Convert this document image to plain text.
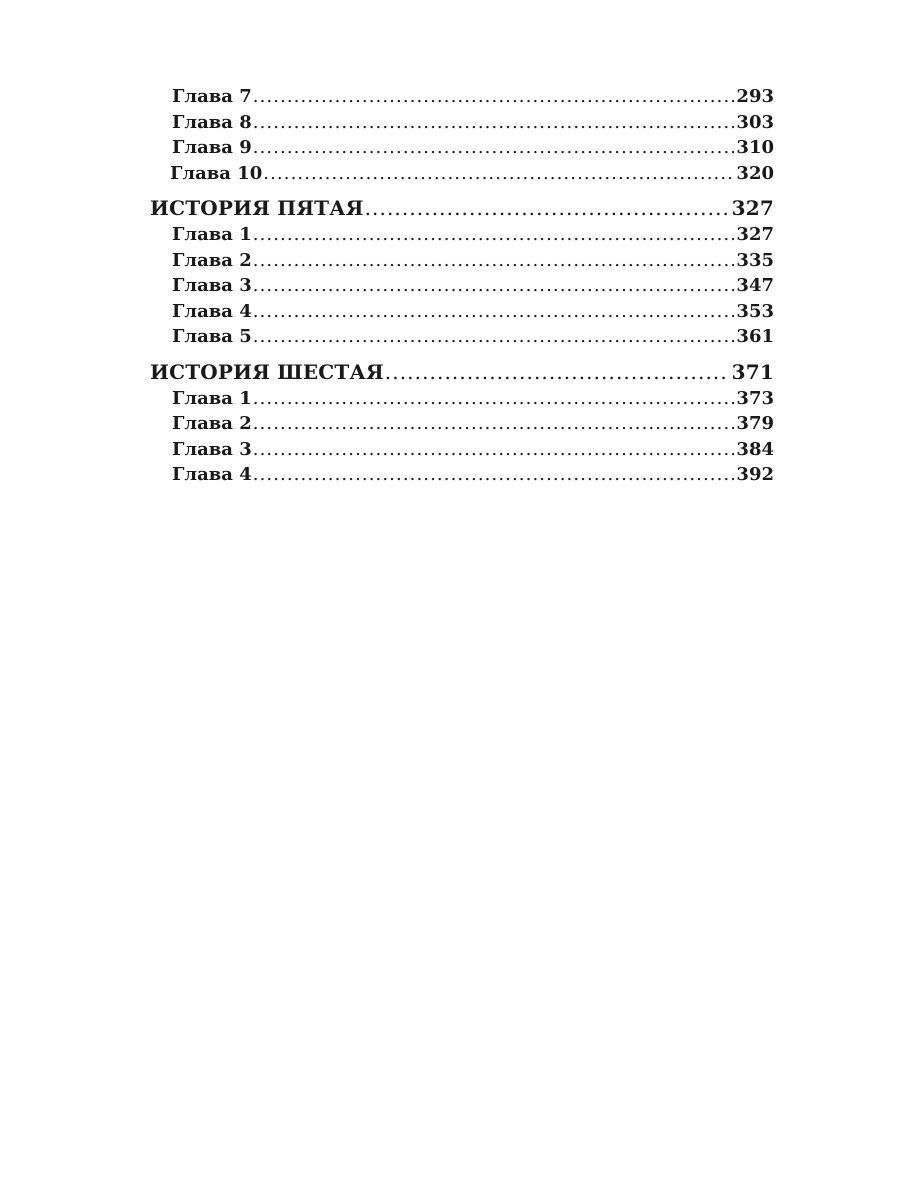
Глава 7 .....	293
Глава 8 .....	303
Глава 9 .....	310
Глава 10 .....	320
ИСТОРИЯ ПЯТАЯ .....	327
Глава 1 .....	327
Глава 2 .....	335
Глава 3 .....	347
Глава 4 .....	353
Глава 5 .....	361
ИСТОРИЯ ШЕСТАЯ .....	371
Глава 1 .....	373
Глава 2 .....	379
Глава 3 .....	384
Глава 4 .....	392
